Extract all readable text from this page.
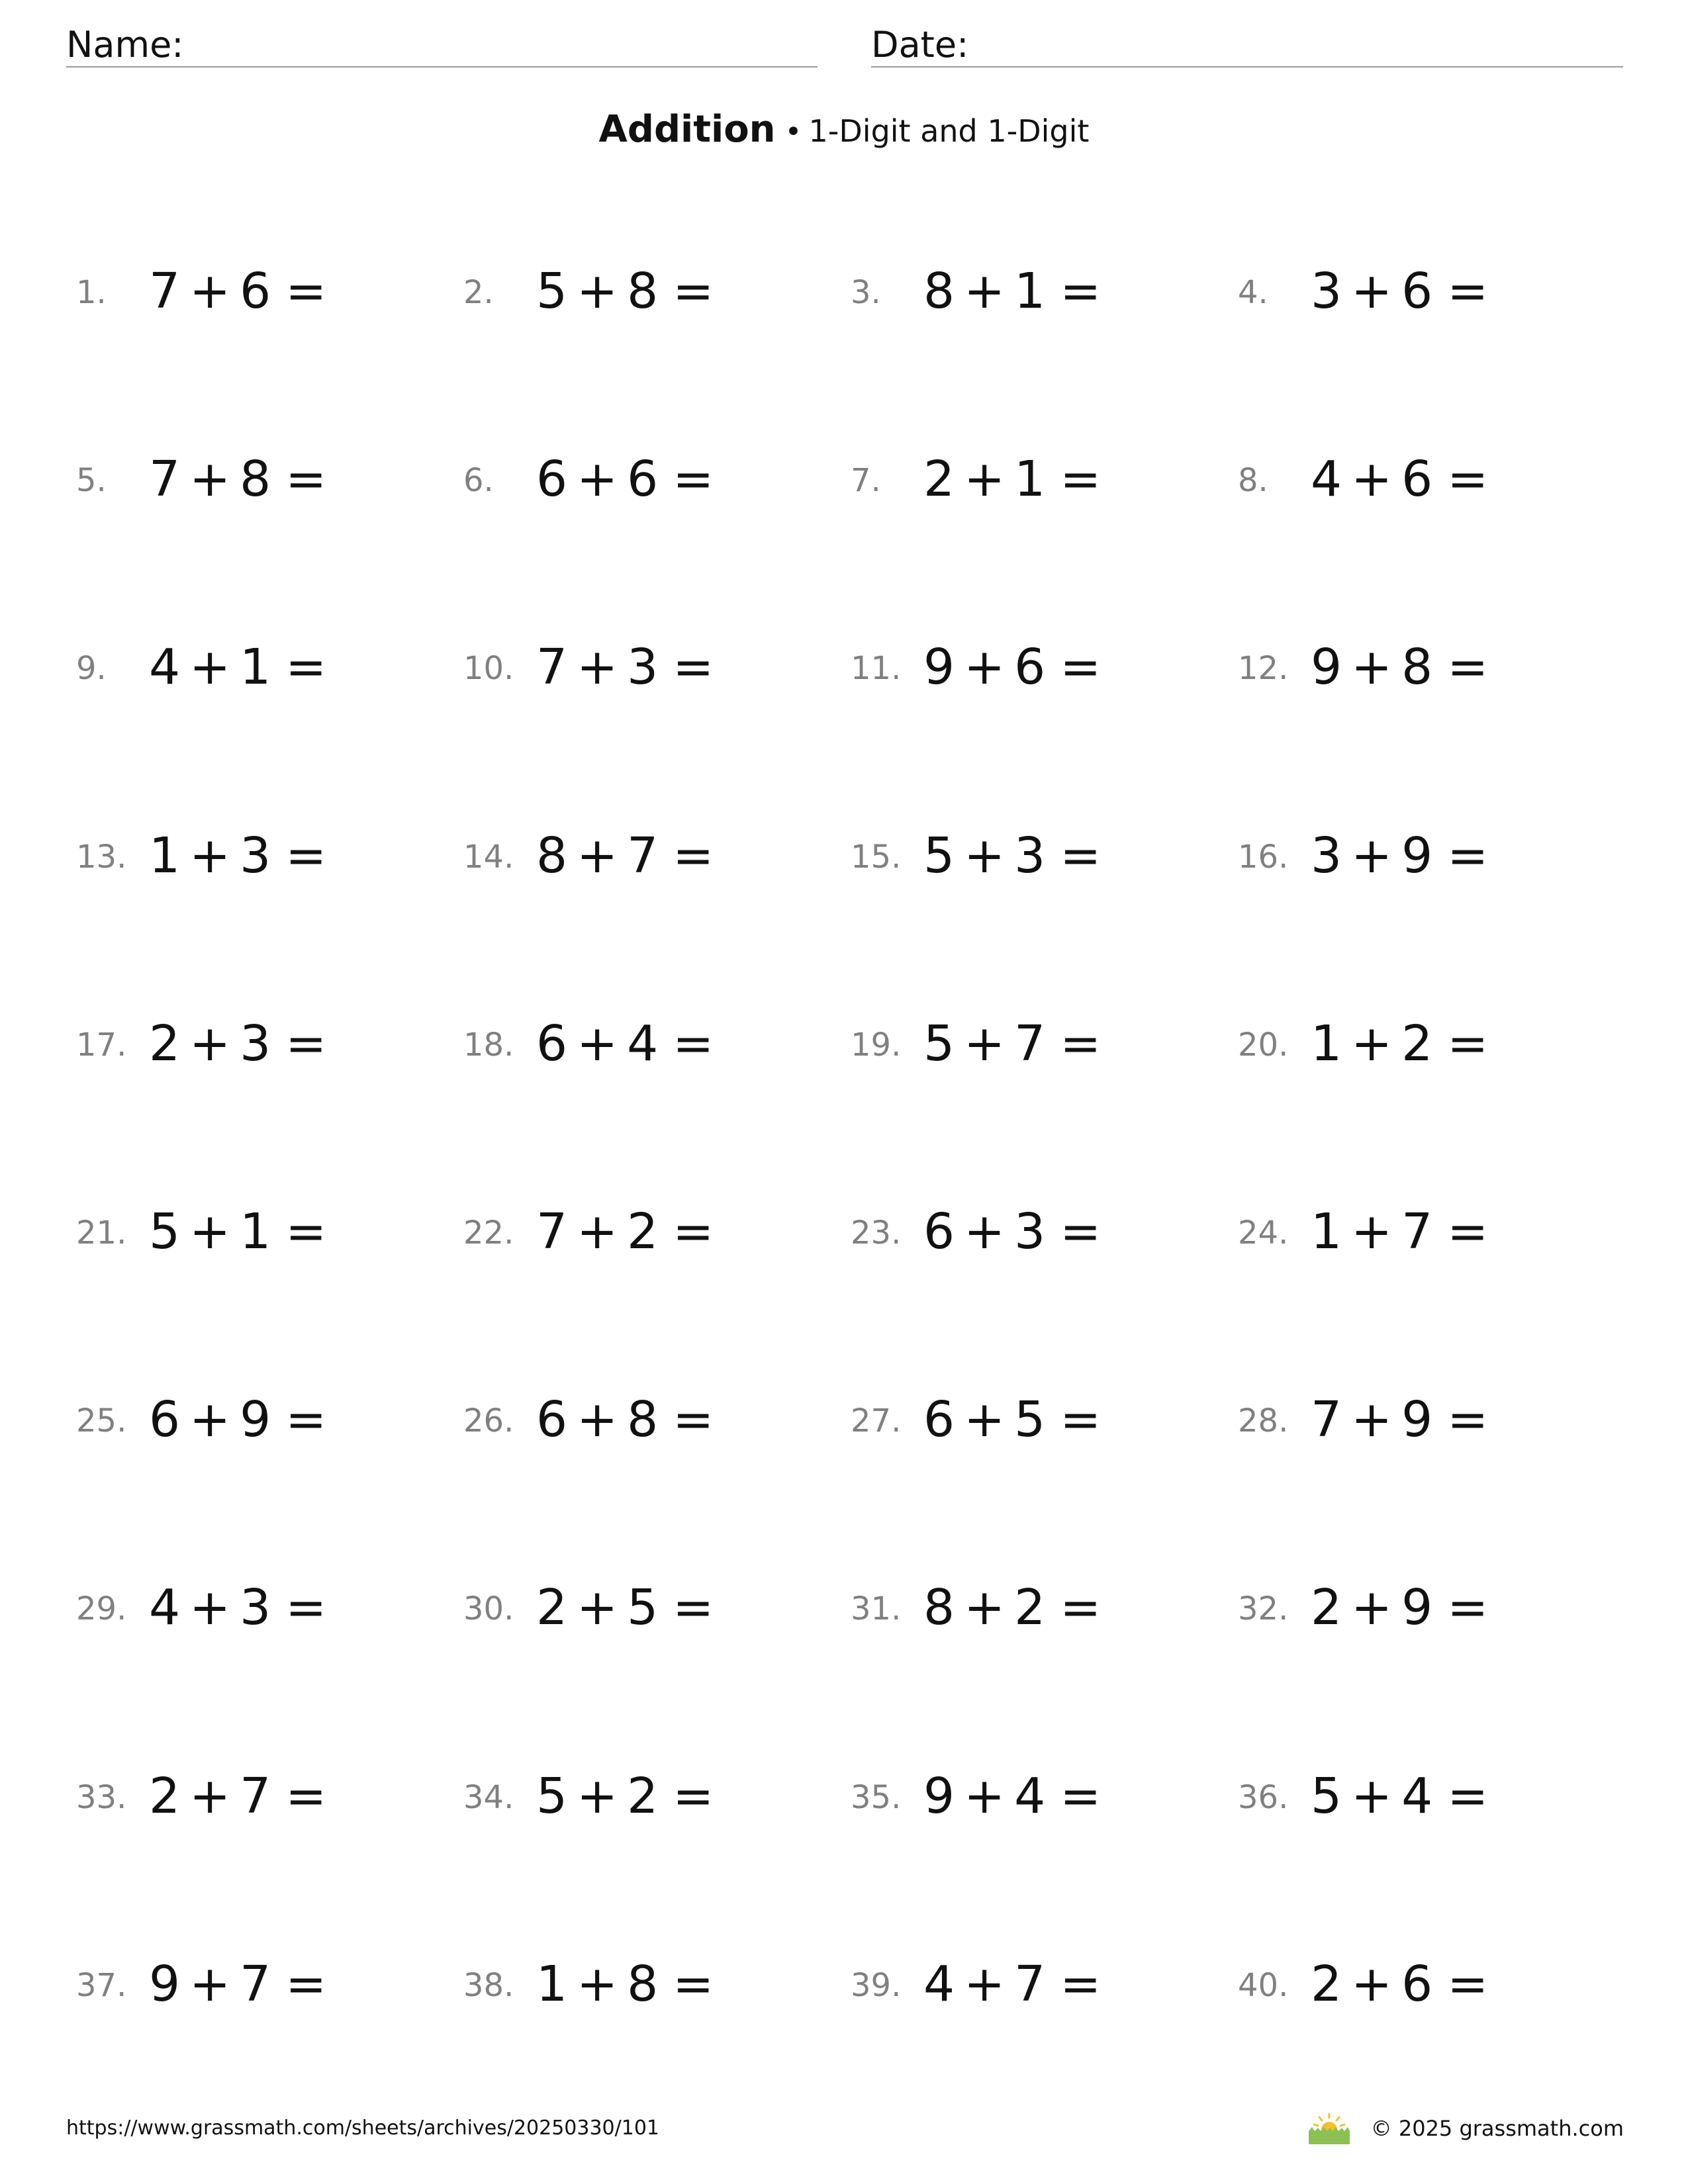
Name:	Date:
Addition • 1-Digit and 1-Digit
1. 7 + 6 =	2. 5 + 8 =	3. 8 + 1 =	4. 3 + 6 =
5. 7 + 8 =	6. 6 + 6 =	7. 2 + 1 =	8. 4 + 6 =
9. 4 + 1 =	10. 7 + 3 =	11. 9 + 6 =	12. 9 + 8 =
13. 1 + 3 =	14. 8 + 7 =	15. 5 + 3 =	16. 3 + 9 =
17. 2 + 3 =	18. 6 + 4 =	19. 5 + 7 =	20. 1 + 2 =
21. 5 + 1 =	22. 7 + 2 =	23. 6 + 3 =	24. 1 + 7 =
25. 6 + 9 =	26. 6 + 8 =	27. 6 + 5 =	28. 7 + 9 =
29. 4 + 3 =	30. 2 + 5 =	31. 8 + 2 =	32. 2 + 9 =
33. 2 + 7 =	34. 5 + 2 =	35. 9 + 4 =	36. 5 + 4 =
37. 9 + 7 =	38. 1 + 8 =	39. 4 + 7 =	40. 2 + 6 =
https://www.grassmath.com/sheets/archives/20250330/101	© 2025 grassmath.com
